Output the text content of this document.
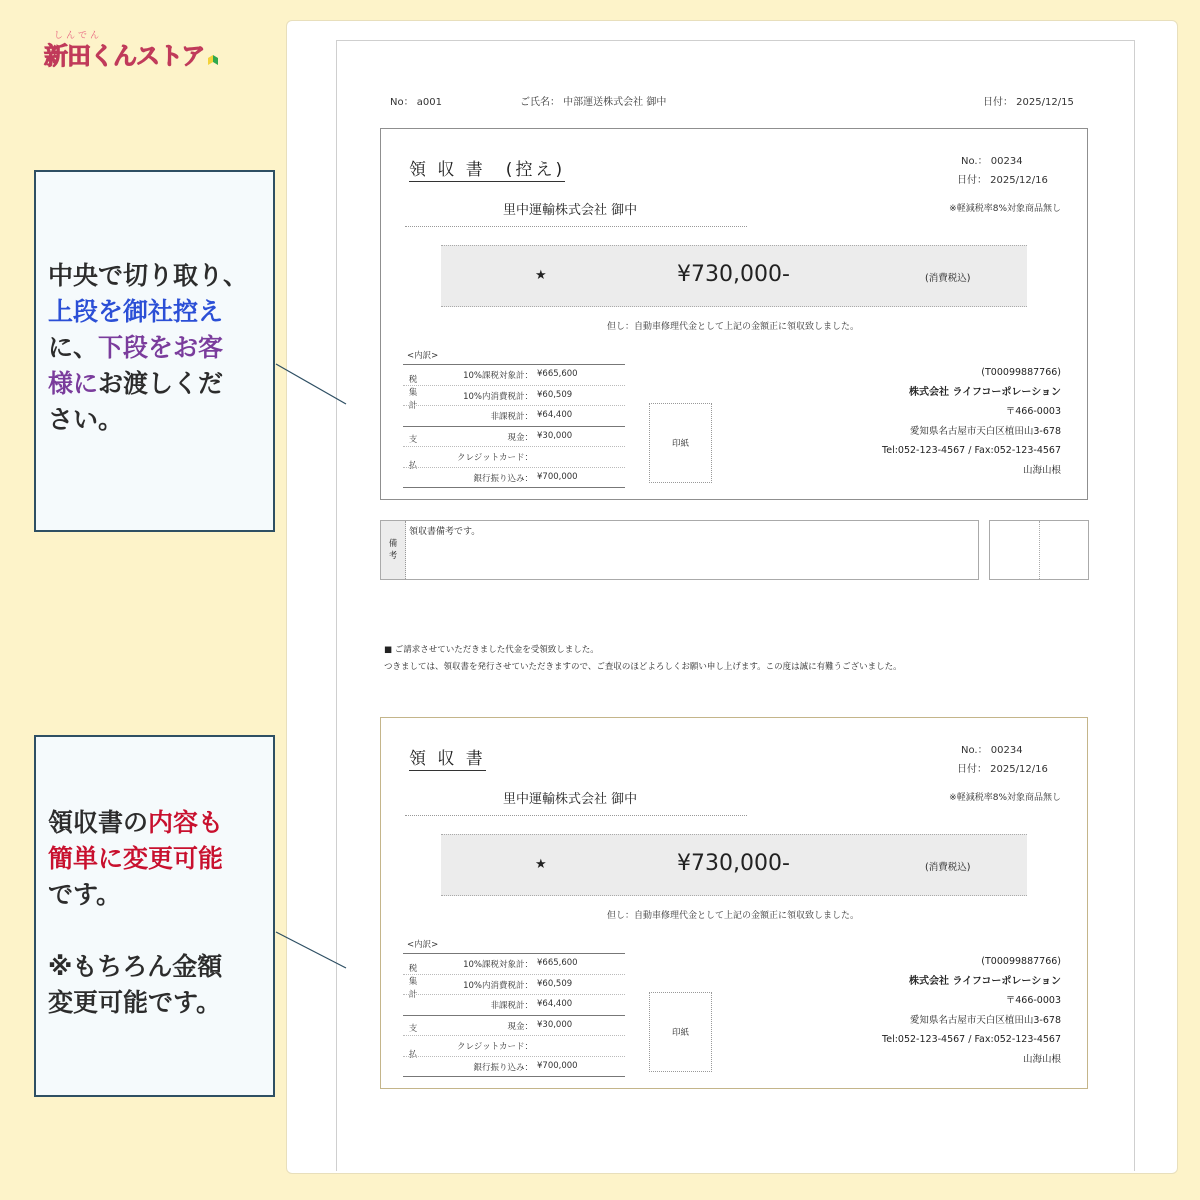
しんでん
新田くんストア
中央で切り取り、
上段を御社控え
に、下段をお客
様にお渡しくだ
さい。
領収書の内容も
簡単に変更可能
です。

※もちろん金額
変更可能です。
No： a001	ご氏名： 中部運送株式会社 御中	日付： 2025/12/15
領 収 書　(控え)	No.： 00234
日付： 2025/12/16
里中運輸株式会社 御中	※軽減税率8%対象商品無し
★	¥730,000-	(消費税込)
但し：自動車修理代金として上記の金額正に領収致しました。
<内訳>
税
集
計
10%課税対象計： ¥665,600
10%内消費税計： ¥60,509
非課税計： ¥64,400
支

払
現金： ¥30,000
クレジットカード：
銀行振り込み： ¥700,000
印紙
(T00099887766)
株式会社 ライフコーポレーション
〒466-0003
愛知県名古屋市天白区植田山3-678
Tel:052-123-4567 / Fax:052-123-4567
山海山根
備
考
領収書備考です。
■ ご請求させていただきました代金を受領致しました。
つきましては、領収書を発行させていただきますので、ご査収のほどよろしくお願い申し上げます。この度は誠に有難うございました。
領 収 書	No.： 00234
日付： 2025/12/16
里中運輸株式会社 御中	※軽減税率8%対象商品無し
★	¥730,000-	(消費税込)
但し：自動車修理代金として上記の金額正に領収致しました。
<内訳>
税
集
計
10%課税対象計： ¥665,600
10%内消費税計： ¥60,509
非課税計： ¥64,400
支

払
現金： ¥30,000
クレジットカード：
銀行振り込み： ¥700,000
印紙
(T00099887766)
株式会社 ライフコーポレーション
〒466-0003
愛知県名古屋市天白区植田山3-678
Tel:052-123-4567 / Fax:052-123-4567
山海山根
